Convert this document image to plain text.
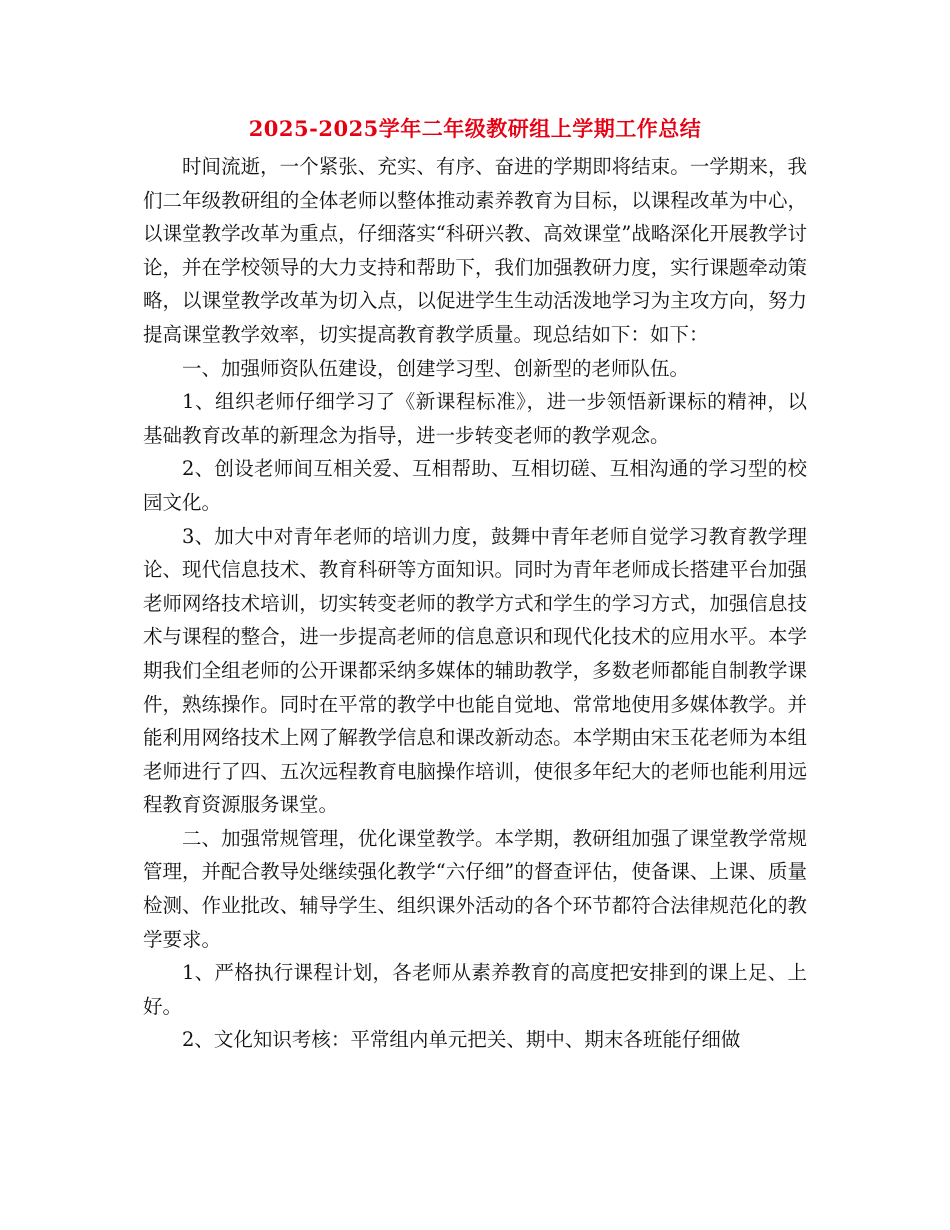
2025-2025学年二年级教研组上学期工作总结

时间流逝，一个紧张、充实、有序、奋进的学期即将结束。一学期来，我们二年级教研组的全体老师以整体推动素养教育为目标，以课程改革为中心，以课堂教学改革为重点，仔细落实“科研兴教、高效课堂”战略深化开展教学讨论，并在学校领导的大力支持和帮助下，我们加强教研力度，实行课题牵动策略，以课堂教学改革为切入点，以促进学生生动活泼地学习为主攻方向，努力提高课堂教学效率，切实提高教育教学质量。现总结如下：如下：

一、加强师资队伍建设，创建学习型、创新型的老师队伍。

1、组织老师仔细学习了《新课程标准》，进一步领悟新课标的精神，以基础教育改革的新理念为指导，进一步转变老师的教学观念。

2、创设老师间互相关爱、互相帮助、互相切磋、互相沟通的学习型的校园文化。

3、加大中对青年老师的培训力度，鼓舞中青年老师自觉学习教育教学理论、现代信息技术、教育科研等方面知识。同时为青年老师成长搭建平台加强老师网络技术培训，切实转变老师的教学方式和学生的学习方式，加强信息技术与课程的整合，进一步提高老师的信息意识和现代化技术的应用水平。本学期我们全组老师的公开课都采纳多媒体的辅助教学，多数老师都能自制教学课件，熟练操作。同时在平常的教学中也能自觉地、常常地使用多媒体教学。并能利用网络技术上网了解教学信息和课改新动态。本学期由宋玉花老师为本组老师进行了四、五次远程教育电脑操作培训，使很多年纪大的老师也能利用远程教育资源服务课堂。

二、加强常规管理，优化课堂教学。本学期，教研组加强了课堂教学常规管理，并配合教导处继续强化教学“六仔细”的督查评估，使备课、上课、质量检测、作业批改、辅导学生、组织课外活动的各个环节都符合法律规范化的教学要求。

1、严格执行课程计划，各老师从素养教育的高度把安排到的课上足、上好。

2、文化知识考核：平常组内单元把关、期中、期末各班能仔细做
